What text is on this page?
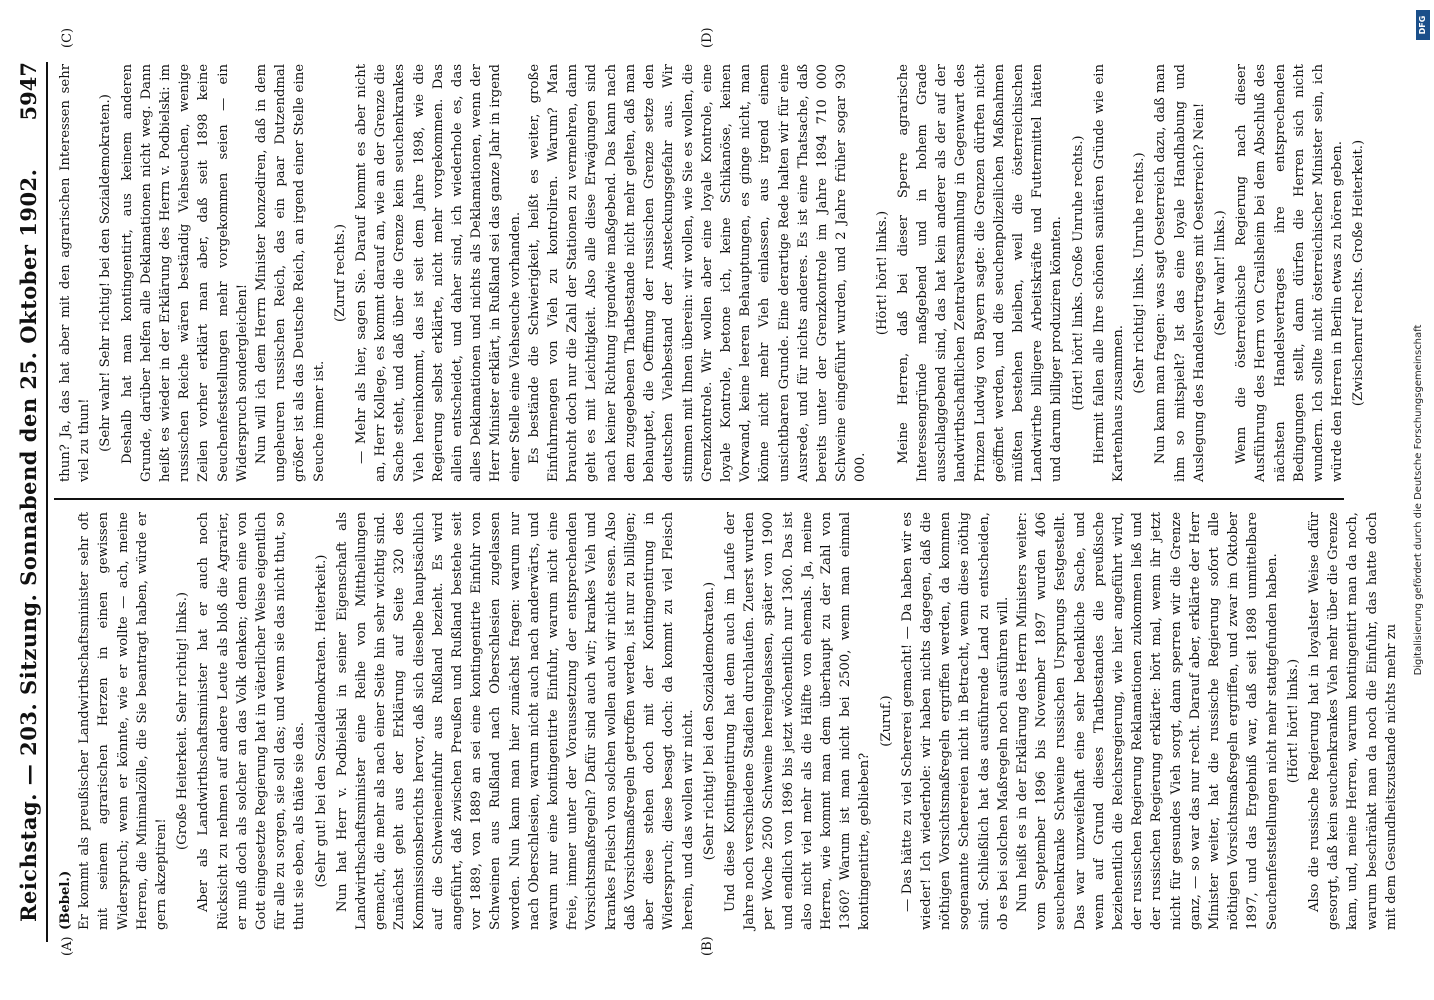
Reichstag. — 203. Sitzung. Sonnabend den 25. Oktober 1902.
5947
(A)	(B)
(C)	(D)

(Bebel.) Er kommt als preußischer Landwirthschaftsminister sehr oft mit seinem agrarischen Herzen in einen gewissen Widerspruch; wenn er könnte, wie er wollte — ach, meine Herren, die Minimalzölle, die Sie beantragt haben, würde er gern akzeptiren!

(Große Heiterkeit. Sehr richtig! links.) Aber als Landwirthschaftsminister hat er auch noch Rücksicht zu nehmen auf andere Leute als bloß die Agrarier, er muß doch als solcher an das Volk denken; denn eine von Gott eingesetzte Regierung hat in väterlicher Weise eigentlich für alle zu sorgen, sie soll das; und wenn sie das nicht thut, so thut sie eben, als thäte sie das. (Sehr gut! bei den Sozialdemokraten. Heiterkeit.) Nun hat Herr v. Podbielski in seiner Eigenschaft als Landwirthschaftsminister eine Reihe von Mittheilungen gemacht, die mehr als nach einer Seite hin sehr wichtig sind. Zunächst geht aus der Erklärung auf Seite 320 des Kommissionsberichts hervor, daß sich dieselbe hauptsächlich auf die Schweineeinfuhr aus Rußland bezieht. Es wird angeführt, daß zwischen Preußen und Rußland bestehe seit vor 1889, von 1889 an sei eine kontingentirte Einfuhr von Schweinen aus Rußland nach Oberschlesien zugelassen worden. Nun kann man hier zunächst fragen: warum nur nach Oberschlesien, warum nicht auch nach anderwärts, und warum nur eine kontingentirte Einfuhr, warum nicht eine freie, immer unter der Voraussetzung der entsprechenden Vorsichtsmaßregeln? Dafür sind auch wir; krankes Vieh und krankes Fleisch von solchen wollen auch wir nicht essen. Also daß Vorsichtsmaßregeln getroffen werden, ist nur zu billigen; aber diese stehen doch mit der Kontingentirung in Widerspruch; diese besagt doch: da kommt zu viel Fleisch herein, und das wollen wir nicht. (Sehr richtig! bei den Sozialdemokraten.) Und diese Kontingentirung hat denn auch im Laufe der Jahre noch verschiedene Stadien durchlaufen. Zuerst wurden per Woche 2500 Schweine hereingelassen, später von 1900 und endlich von 1896 bis jetzt wöchentlich nur 1360. Das ist also nicht viel mehr als die Hälfte von ehemals. Ja, meine Herren, wie kommt man dem überhaupt zu der Zahl von 1360? Warum ist man nicht bei 2500, wenn man einmal kontingentirte, geblieben?

(Zuruf.) — Das hätte zu viel Schererei gemacht! — Da haben wir es wieder! Ich wiederhole: wir haben nichts dagegen, daß die nöthigen Vorsichtsmaßregeln ergriffen werden, da kommen sogenannte Scherereien nicht in Betracht, wenn diese nöthig sind. Schließlich hat das ausführende Land zu entscheiden, ob es bei solchen Maßregeln noch ausführen will. Nun heißt es in der Erklärung des Herrn Ministers weiter: vom September 1896 bis November 1897 wurden 406 seuchenkranke Schweine russischen Ursprungs festgestellt. Das war unzweifelhaft eine sehr bedenkliche Sache, und wenn auf Grund dieses Thatbestandes die preußische beziehentlich die Reichsregierung, wie hier angeführt wird, der russischen Regierung Reklamationen zukommen ließ und der russischen Regierung erklärte: hört mal, wenn ihr jetzt nicht für gesundes Vieh sorgt, dann sperren wir die Grenze ganz, — so war das nur recht. Darauf aber, erklärte der Herr Minister weiter, hat die russische Regierung sofort alle nöthigen Vorsichtsmaßregeln ergriffen, und zwar im Oktober 1897, und das Ergebniß war, daß seit 1898 unmittelbare Seuchenfeststellungen nicht mehr stattgefunden haben. (Hört! hört! links.) Also die russische Regierung hat in loyalster Weise dafür gesorgt, daß kein seuchenkrankes Vieh mehr über die Grenze kam, und, meine Herren, warum kontingentirt man da noch, warum beschränkt man da noch die Einfuhr, das hatte doch mit dem Gesundheitszustande nichts mehr zu

thun? Ja, das hat aber mit den agrarischen Interessen sehr viel zu thun! (Sehr wahr! Sehr richtig! bei den Sozialdemokraten.) Deshalb hat man kontingentirt, aus keinem anderen Grunde, darüber helfen alle Deklamationen nicht weg. Dann heißt es wieder in der Erklärung des Herrn v. Podbielski: im russischen Reiche wären beständig Viehseuchen, wenige Zeilen vorher erklärt man aber, daß seit 1898 keine Seuchenfeststellungen mehr vorgekommen seien — ein Widerspruch sondergleichen! Nun will ich dem Herrn Minister konzediren, daß in dem ungeheuren russischen Reich, das ein paar Dutzendmal größer ist als das Deutsche Reich, an irgend einer Stelle eine Seuche immer ist.

(Zuruf rechts.) — Mehr als hier, sagen Sie. Darauf kommt es aber nicht an, Herr Kollege, es kommt darauf an, wie an der Grenze die Sache steht, und daß über die Grenze kein seuchenkrankes Vieh hereinkommt, das ist seit dem Jahre 1898, wie die Regierung selbst erklärte, nicht mehr vorgekommen. Das allein entscheidet, und daher sind, ich wiederhole es, das alles Deklamationen und nichts als Deklamationen, wenn der Herr Minister erklärt, in Rußland sei das ganze Jahr in irgend einer Stelle eine Viehseuche vorhanden. Es bestände die Schwierigkeit, heißt es weiter, große Einfuhrmengen von Vieh zu kontroliren. Warum? Man braucht doch nur die Zahl der Stationen zu vermehren, dann geht es mit Leichtigkeit. Also alle diese Erwägungen sind nach keiner Richtung irgendwie maßgebend. Das kann nach dem zugegebenen Thatbestande nicht mehr gelten, daß man behauptet, die Oeffnung der russischen Grenze setze den deutschen Viehbestand der Ansteckungsgefahr aus. Wir stimmen mit Ihnen überein: wir wollen, wie Sie es wollen, die Grenzkontrole. Wir wollen aber eine loyale Kontrole, eine loyale Kontrole, betone ich, keine Schikanöse, keinen Vorwand, keine leeren Behauptungen, es ginge nicht, man könne nicht mehr Vieh einlassen, aus irgend einem unsichtbaren Grunde. Eine derartige Rede halten wir für eine Ausrede, und für nichts anderes. Es ist eine Thatsache, daß bereits unter der Grenzkontrole im Jahre 1894 710 000 Schweine eingeführt wurden, und 2 Jahre früher sogar 930 000.

(Hört! hört! links.) Meine Herren, daß bei dieser Sperre agrarische Interessengründe maßgebend und in hohem Grade ausschlaggebend sind, das hat kein anderer als der auf der landwirthschaftlichen Zentralversammlung in Gegenwart des Prinzen Ludwig von Bayern sagte: die Grenzen dürften nicht geöffnet werden, und die seuchenpolizeilichen Maßnahmen müßten bestehen bleiben, weil die österreichischen Landwirthe billigere Arbeitskräfte und Futtermittel hätten und darum billiger produziren könnten. (Hört! hört! links. Große Unruhe rechts.) Hiermit fallen alle Ihre schönen sanitären Gründe wie ein Kartenhaus zusammen.

(Sehr richtig! links. Unruhe rechts.) Nun kann man fragen: was sagt Oesterreich dazu, daß man ihm so mitspielt? Ist das eine loyale Handhabung und Auslegung des Handelsvertrages mit Oesterreich? Nein! (Sehr wahr! links.) Wenn die österreichische Regierung nach dieser Ausführung des Herrn von Crailsheim bei dem Abschluß des nächsten Handelsvertrages ihre entsprechenden Bedingungen stellt, dann dürfen die Herren sich nicht wundern. Ich sollte nicht österreichischer Minister sein, ich würde den Herren in Berlin etwas zu hören geben. (Zwischenruf rechts. Große Heiterkeit.)

Digitalisierung gefördert durch die Deutsche Forschungsgemeinschaft
DFG
